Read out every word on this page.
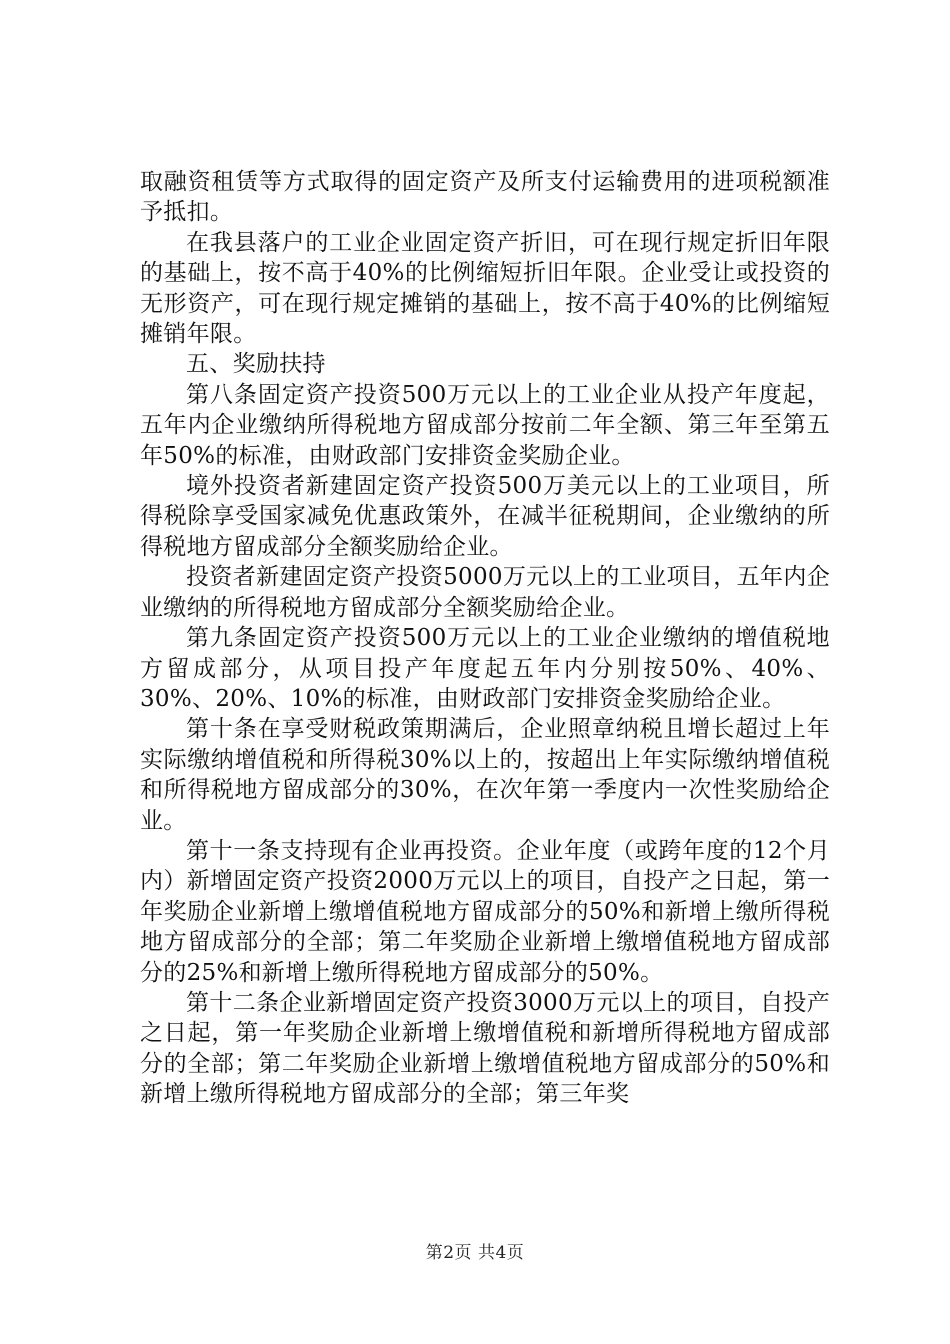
取融资租赁等方式取得的固定资产及所支付运输费用的进项税额准予抵扣。

在我县落户的工业企业固定资产折旧，可在现行规定折旧年限的基础上，按不高于40%的比例缩短折旧年限。企业受让或投资的无形资产，可在现行规定摊销的基础上，按不高于40%的比例缩短摊销年限。

五、奖励扶持

第八条固定资产投资500万元以上的工业企业从投产年度起，五年内企业缴纳所得税地方留成部分按前二年全额、第三年至第五年50%的标准，由财政部门安排资金奖励企业。

境外投资者新建固定资产投资500万美元以上的工业项目，所得税除享受国家减免优惠政策外，在减半征税期间，企业缴纳的所得税地方留成部分全额奖励给企业。

投资者新建固定资产投资5000万元以上的工业项目，五年内企业缴纳的所得税地方留成部分全额奖励给企业。

第九条固定资产投资500万元以上的工业企业缴纳的增值税地方留成部分，从项目投产年度起五年内分别按50%、40%、30%、20%、10%的标准，由财政部门安排资金奖励给企业。

第十条在享受财税政策期满后，企业照章纳税且增长超过上年实际缴纳增值税和所得税30%以上的，按超出上年实际缴纳增值税和所得税地方留成部分的30%，在次年第一季度内一次性奖励给企业。

第十一条支持现有企业再投资。企业年度（或跨年度的12个月内）新增固定资产投资2000万元以上的项目，自投产之日起，第一年奖励企业新增上缴增值税地方留成部分的50%和新增上缴所得税地方留成部分的全部；第二年奖励企业新增上缴增值税地方留成部分的25%和新增上缴所得税地方留成部分的50%。

第十二条企业新增固定资产投资3000万元以上的项目，自投产之日起，第一年奖励企业新增上缴增值税和新增所得税地方留成部分的全部；第二年奖励企业新增上缴增值税地方留成部分的50%和新增上缴所得税地方留成部分的全部；第三年奖

第2页 共4页
